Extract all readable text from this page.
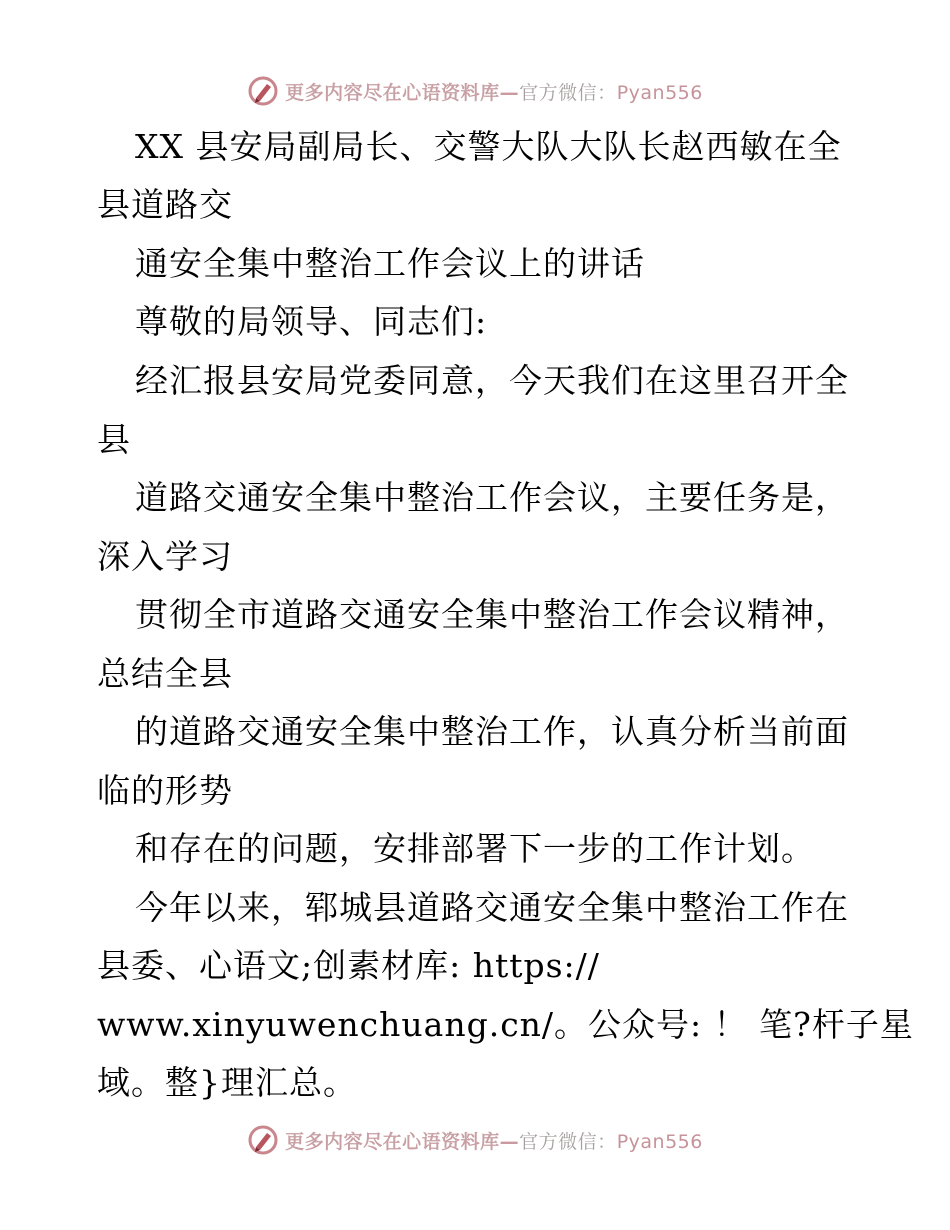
更多内容尽在心语资料库—官方微信：Pyan556
XX 县安局副局长、交警大队大队长赵西敏在全
县道路交
通安全集中整治工作会议上的讲话
尊敬的局领导、同志们:
经汇报县安局党委同意，今天我们在这里召开全
县
道路交通安全集中整治工作会议，主要任务是，
深入学习
贯彻全市道路交通安全集中整治工作会议精神，
总结全县
的道路交通安全集中整治工作，认真分析当前面
临的形势
和存在的问题，安排部署下一步的工作计划。
今年以来，郓城县道路交通安全集中整治工作在
县委、心语文;创素材库: https://
www.xinyuwenchuang.cn/。公众号: ！ 笔?杆子星
域。整}理汇总。
更多内容尽在心语资料库—官方微信：Pyan556
